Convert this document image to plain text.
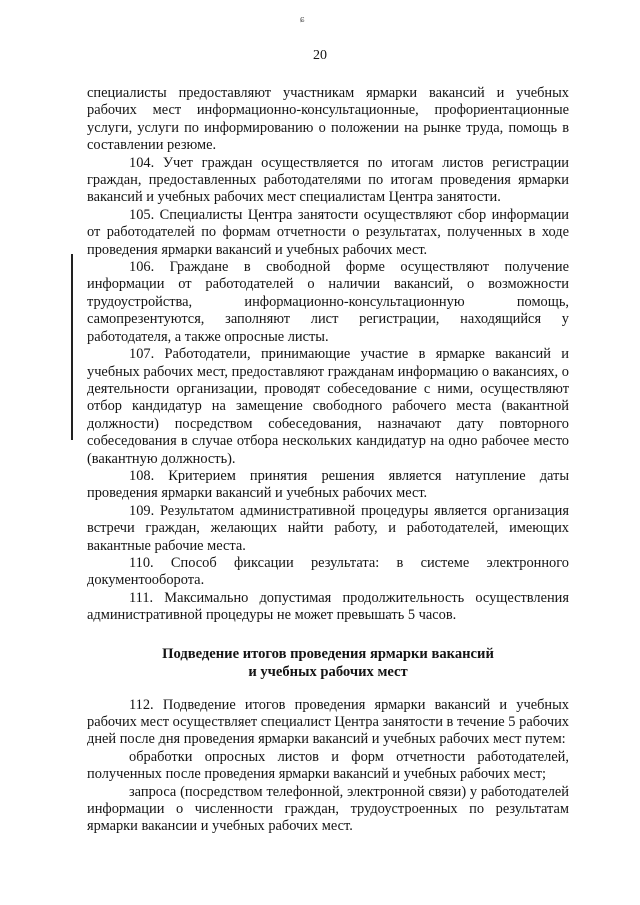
ɕ
20

специалисты предоставляют участникам ярмарки вакансий и учебных рабочих мест информационно-консультационные, профориентационные услуги, услуги по информированию о положении на рынке труда, помощь в составлении резюме.

104. Учет граждан осуществляется по итогам листов регистрации граждан, предоставленных работодателями по итогам проведения ярмарки вакансий и учебных рабочих мест специалистам Центра занятости.

105. Специалисты Центра занятости осуществляют сбор информации от работодателей по формам отчетности о результатах, полученных в ходе проведения ярмарки вакансий и учебных рабочих мест.

106. Граждане в свободной форме осуществляют получение информации от работодателей о наличии вакансий, о возможности трудоустройства, информационно-консультационную помощь, самопрезентуются, заполняют лист регистрации, находящийся у работодателя, а также опросные листы.

107. Работодатели, принимающие участие в ярмарке вакансий и учебных рабочих мест, предоставляют гражданам информацию о вакансиях, о деятельности организации, проводят собеседование с ними, осуществляют отбор кандидатур на замещение свободного рабочего места (вакантной должности) посредством собеседования, назначают дату повторного собеседования в случае отбора нескольких кандидатур на одно рабочее место (вакантную должность).

108. Критерием принятия решения является натупление даты проведения ярмарки вакансий и учебных рабочих мест.

109. Результатом административной процедуры является организация встречи граждан, желающих найти работу, и работодателей, имеющих вакантные рабочие места.

110. Способ фиксации результата: в системе электронного документооборота.

111. Максимально допустимая продолжительность осуществления административной процедуры не может превышать 5 часов.

Подведение итогов проведения ярмарки вакансий
и учебных рабочих мест

112. Подведение итогов проведения ярмарки вакансий и учебных рабочих мест осуществляет специалист Центра занятости в течение 5 рабочих дней после дня проведения ярмарки вакансий и учебных рабочих мест путем:

обработки опросных листов и форм отчетности работодателей, полученных после проведения ярмарки вакансий и учебных рабочих мест;

запроса (посредством телефонной, электронной связи) у работодателей информации о численности граждан, трудоустроенных по результатам ярмарки вакансии и учебных рабочих мест.
